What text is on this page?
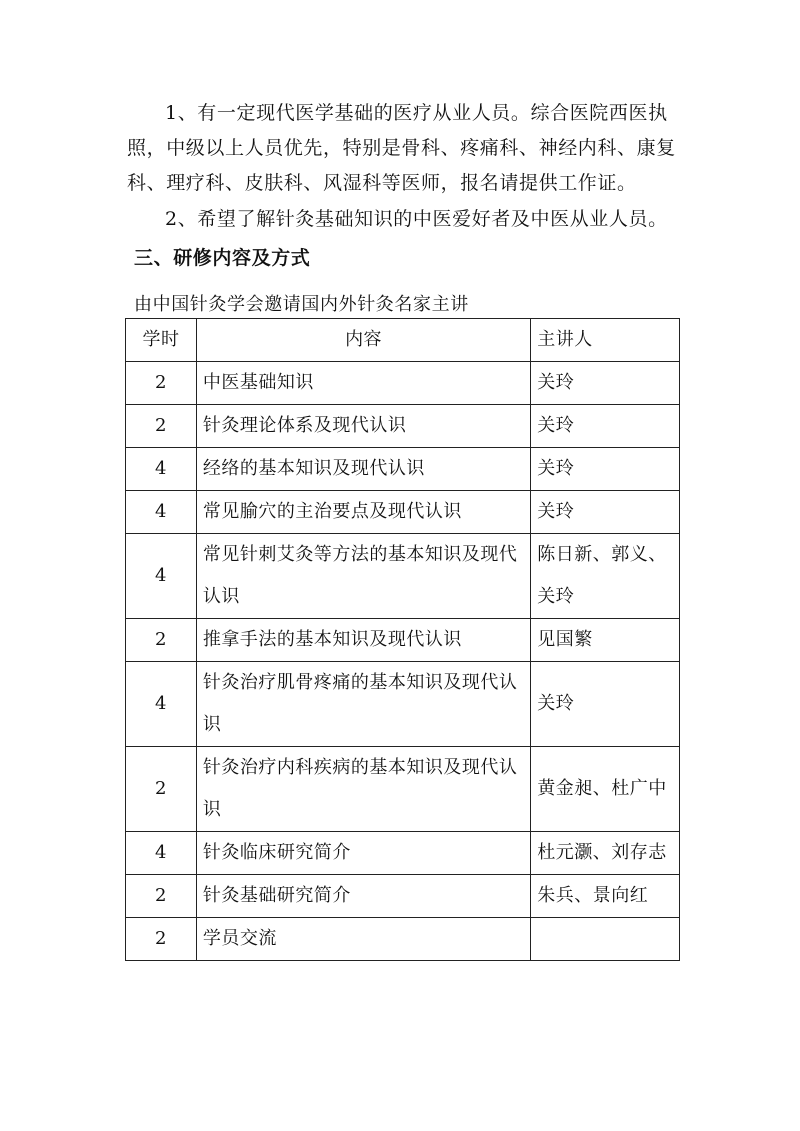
1、有一定现代医学基础的医疗从业人员。综合医院西医执照，中级以上人员优先，特别是骨科、疼痛科、神经内科、康复科、理疗科、皮肤科、风湿科等医师，报名请提供工作证。

2、希望了解针灸基础知识的中医爱好者及中医从业人员。

三、研修内容及方式

由中国针灸学会邀请国内外针灸名家主讲

学时	内容	主讲人
2	中医基础知识	关玲
2	针灸理论体系及现代认识	关玲
4	经络的基本知识及现代认识	关玲
4	常见腧穴的主治要点及现代认识	关玲
4	常见针刺艾灸等方法的基本知识及现代认识	陈日新、郭义、关玲
2	推拿手法的基本知识及现代认识	见国繁
4	针灸治疗肌骨疼痛的基本知识及现代认识	关玲
2	针灸治疗内科疾病的基本知识及现代认识	黄金昶、杜广中
4	针灸临床研究简介	杜元灏、刘存志
2	针灸基础研究简介	朱兵、景向红
2	学员交流	
